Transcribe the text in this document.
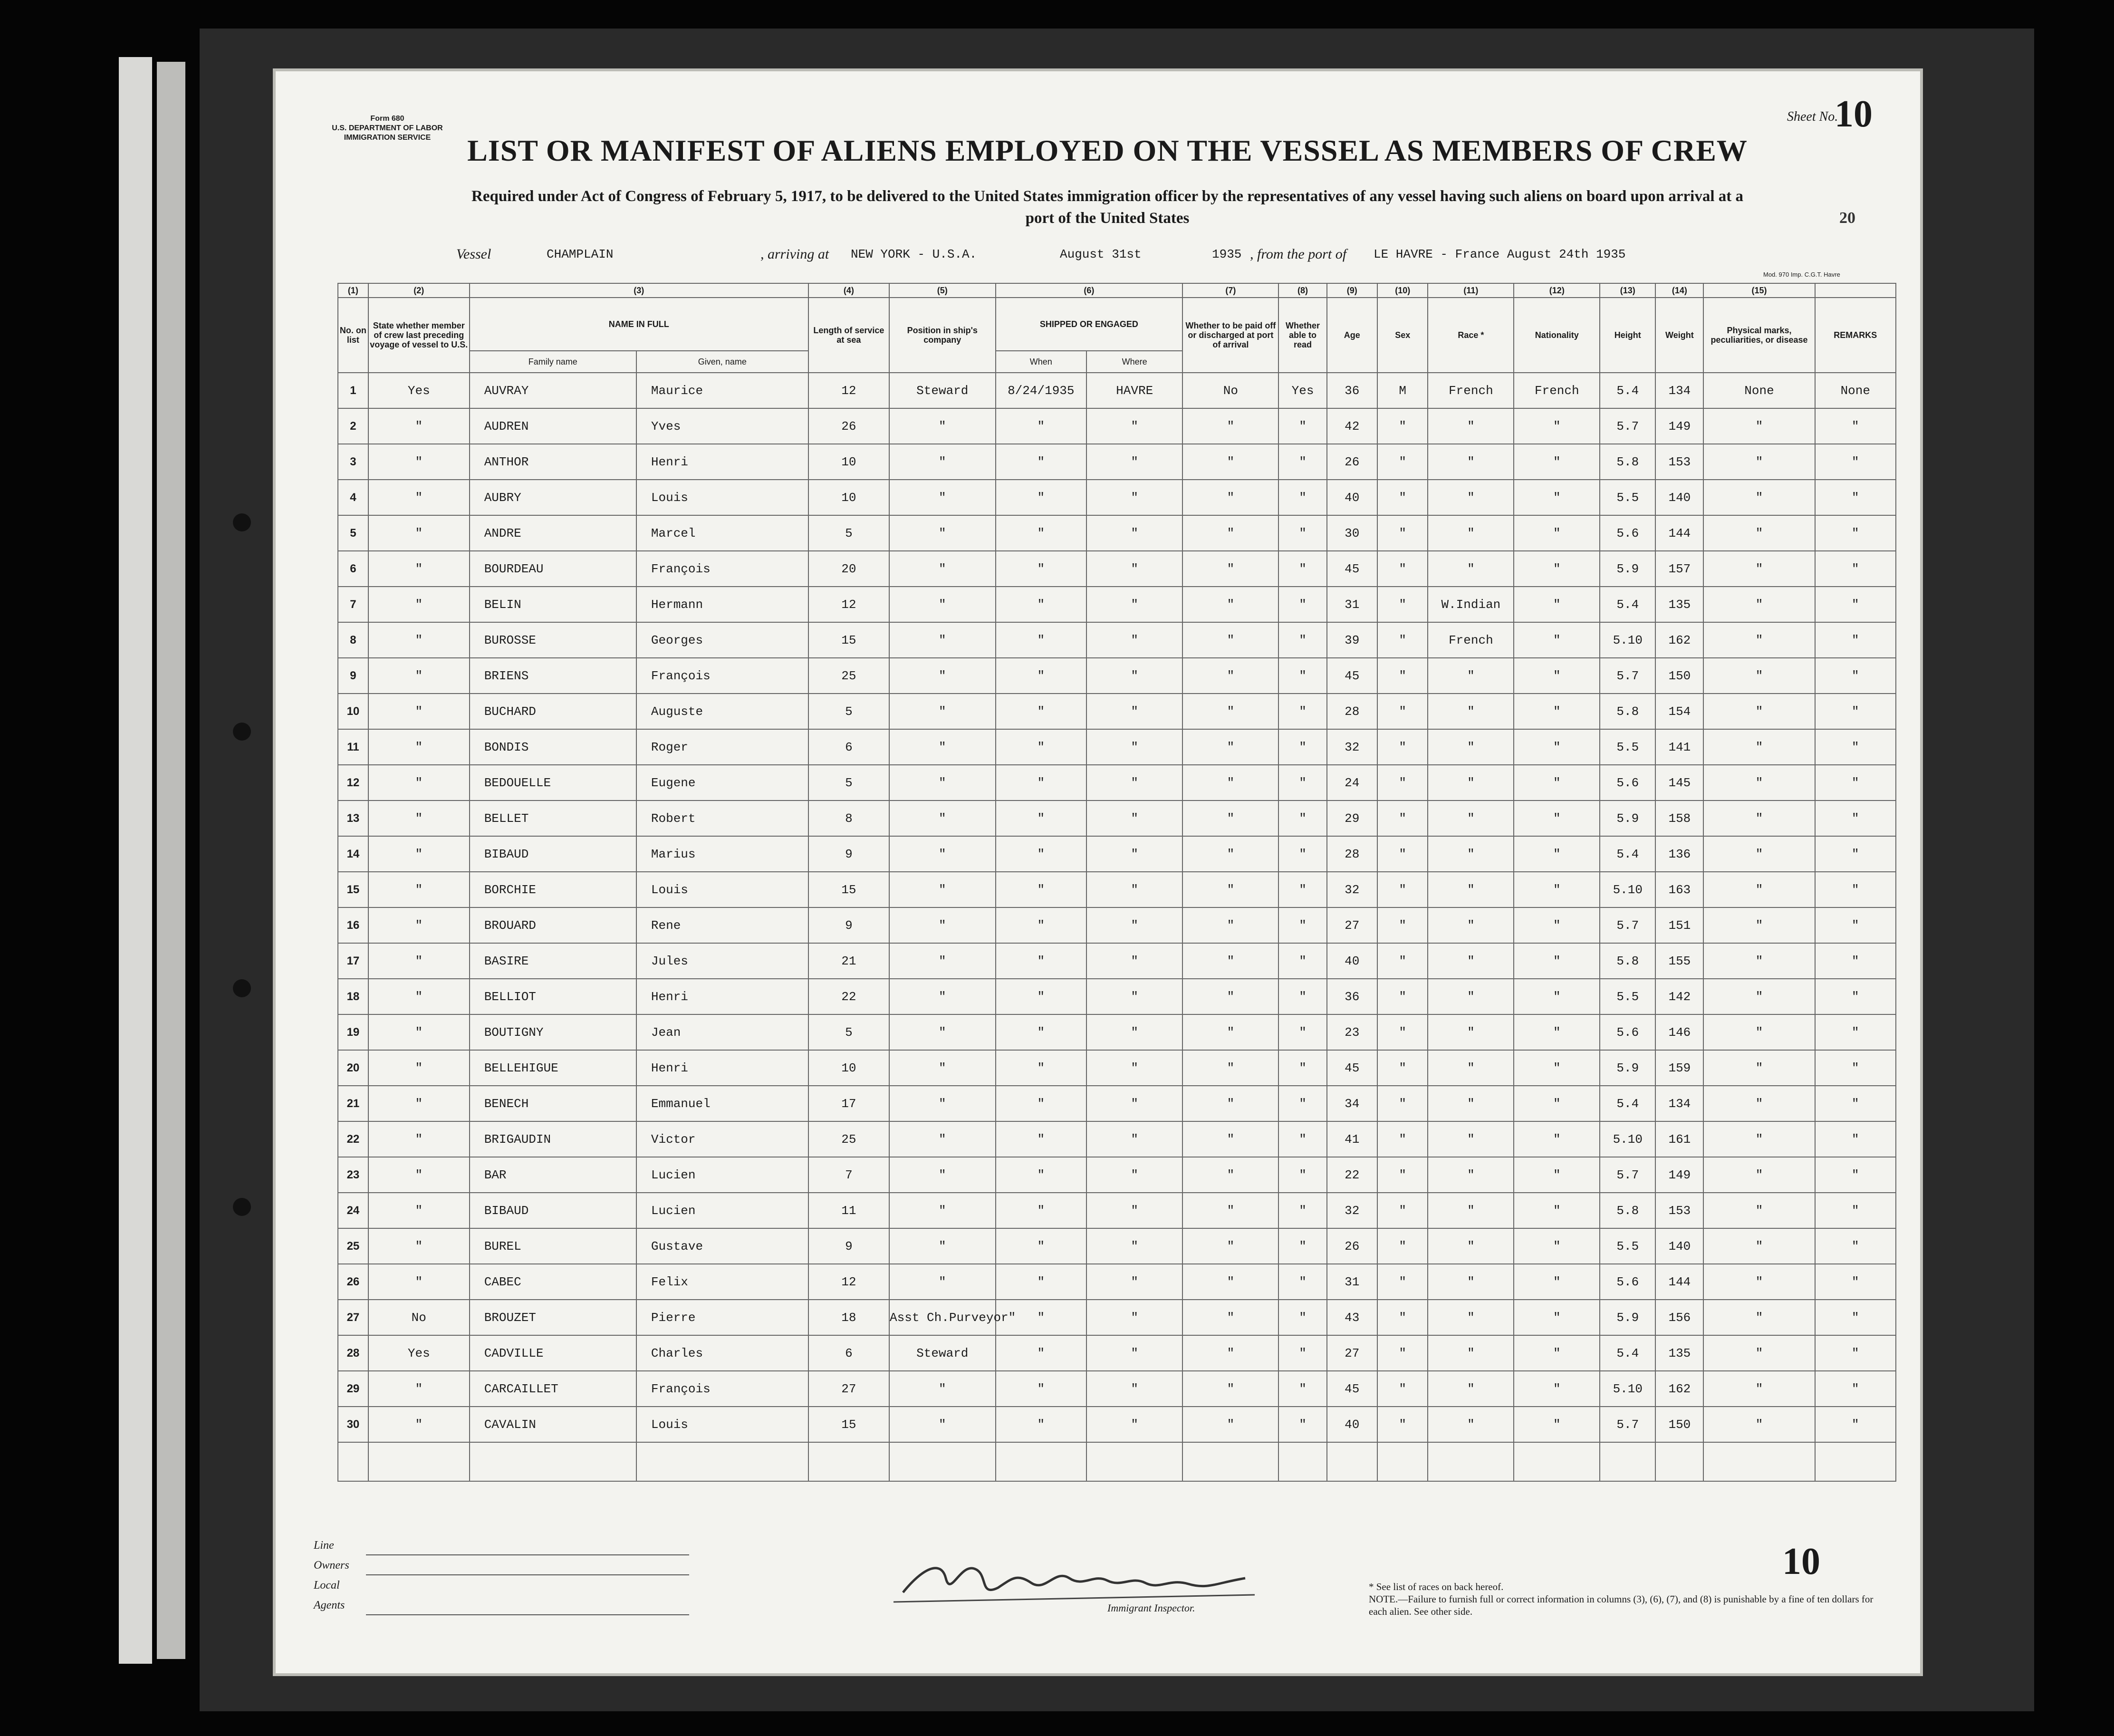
Form 680
U.S. DEPARTMENT OF LABOR
IMMIGRATION SERVICE	LIST OR MANIFEST OF ALIENS EMPLOYED ON THE VESSEL AS MEMBERS OF CREW
Sheet No.
10
Required under Act of Congress of February 5, 1917, to be delivered to the United States immigration officer by the representatives of any vessel having such aliens on board upon arrival at a
port of the United States	20
Vessel	CHAMPLAIN	, arriving at NEW YORK - U.S.A.	August 31st	1935 , from the port of LE HAVRE - France August 24th 1935
Mod. 970 Imp. C.G.T. Havre
(1)	(2)	(3)		(4)	(5)	(6)		(7)	(8)	(9)	(10)	(11)	(12)	(13)	(14)	(15)	
No. on list	State whether member of crew last preceding voyage of vessel to U.S.	NAME IN FULL		Length of service at sea	Position in ship's company	SHIPPED OR ENGAGED		Whether to be paid off or discharged at port of arrival	Whether able to read	Age	Sex	Race *	Nationality	Height	Weight	Physical marks, peculiarities, or disease	REMARKS
		Family name	Given, name			When	Where										
1	Yes	AUVRAY	Maurice	12	Steward	8/24/1935	HAVRE	No	Yes	36	M	French	French	5.4	134	None	None
2	"	AUDREN	Yves	26	"	"	"	"	"	42	"	"	"	5.7	149	"	"
3	"	ANTHOR	Henri	10	"	"	"	"	"	26	"	"	"	5.8	153	"	"
4	"	AUBRY	Louis	10	"	"	"	"	"	40	"	"	"	5.5	140	"	"
5	"	ANDRE	Marcel	5	"	"	"	"	"	30	"	"	"	5.6	144	"	"
6	"	BOURDEAU	François	20	"	"	"	"	"	45	"	"	"	5.9	157	"	"
7	"	BELIN	Hermann	12	"	"	"	"	"	31	"	W.Indian	"	5.4	135	"	"
8	"	BUROSSE	Georges	15	"	"	"	"	"	39	"	French	"	5.10	162	"	"
9	"	BRIENS	François	25	"	"	"	"	"	45	"	"	"	5.7	150	"	"
10	"	BUCHARD	Auguste	5	"	"	"	"	"	28	"	"	"	5.8	154	"	"
11	"	BONDIS	Roger	6	"	"	"	"	"	32	"	"	"	5.5	141	"	"
12	"	BEDOUELLE	Eugene	5	"	"	"	"	"	24	"	"	"	5.6	145	"	"
13	"	BELLET	Robert	8	"	"	"	"	"	29	"	"	"	5.9	158	"	"
14	"	BIBAUD	Marius	9	"	"	"	"	"	28	"	"	"	5.4	136	"	"
15	"	BORCHIE	Louis	15	"	"	"	"	"	32	"	"	"	5.10	163	"	"
16	"	BROUARD	Rene	9	"	"	"	"	"	27	"	"	"	5.7	151	"	"
17	"	BASIRE	Jules	21	"	"	"	"	"	40	"	"	"	5.8	155	"	"
18	"	BELLIOT	Henri	22	"	"	"	"	"	36	"	"	"	5.5	142	"	"
19	"	BOUTIGNY	Jean	5	"	"	"	"	"	23	"	"	"	5.6	146	"	"
20	"	BELLEHIGUE	Henri	10	"	"	"	"	"	45	"	"	"	5.9	159	"	"
21	"	BENECH	Emmanuel	17	"	"	"	"	"	34	"	"	"	5.4	134	"	"
22	"	BRIGAUDIN	Victor	25	"	"	"	"	"	41	"	"	"	5.10	161	"	"
23	"	BAR	Lucien	7	"	"	"	"	"	22	"	"	"	5.7	149	"	"
24	"	BIBAUD	Lucien	11	"	"	"	"	"	32	"	"	"	5.8	153	"	"
25	"	BUREL	Gustave	9	"	"	"	"	"	26	"	"	"	5.5	140	"	"
26	"	CABEC	Felix	12	"	"	"	"	"	31	"	"	"	5.6	144	"	"
27	No	BROUZET	Pierre	18	Asst Ch.Purveyor"	"	"	"	"	43	"	"	"	5.9	156	"	"
28	Yes	CADVILLE	Charles	6	Steward	"	"	"	"	27	"	"	"	5.4	135	"	"
29	"	CARCAILLET	François	27	"	"	"	"	"	45	"	"	"	5.10	162	"	"
30	"	CAVALIN	Louis	15	"	"	"	"	"	40	"	"	"	5.7	150	"	"

Line
Owners
Local Agents	Immigrant Inspector.
10
* See list of races on back hereof.
NOTE.—Failure to furnish full or correct information in columns (3), (6), (7), and (8) is punishable by a fine of ten dollars for each alien. See other side.
